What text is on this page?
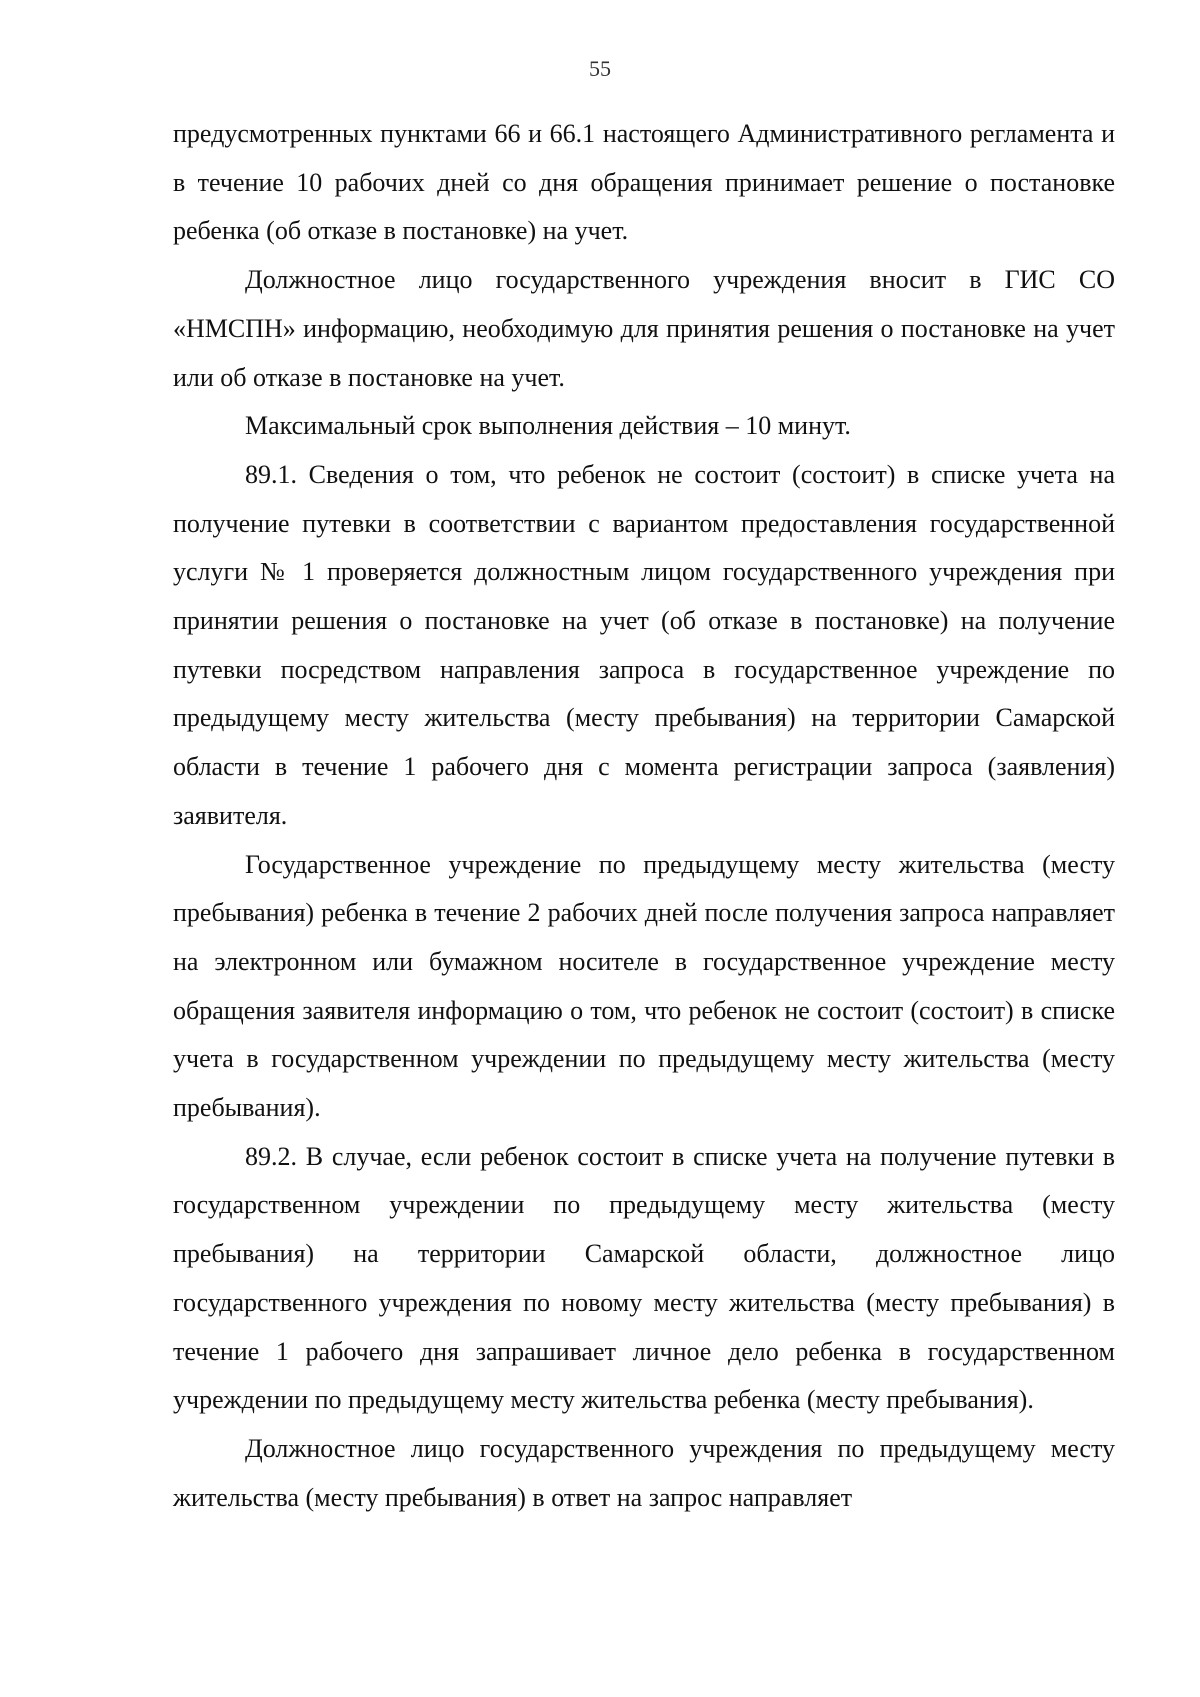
55

предусмотренных пунктами 66 и 66.1 настоящего Административного регламента и в течение 10 рабочих дней со дня обращения принимает решение о постановке ребенка (об отказе в постановке) на учет.

Должностное лицо государственного учреждения вносит в ГИС СО «НМСПН» информацию, необходимую для принятия решения о постановке на учет или об отказе в постановке на учет.

Максимальный срок выполнения действия – 10 минут.

89.1. Сведения о том, что ребенок не состоит (состоит) в списке учета на получение путевки в соответствии с вариантом предоставления государственной услуги № 1 проверяется должностным лицом государственного учреждения при принятии решения о постановке на учет (об отказе в постановке) на получение путевки посредством направления запроса в государственное учреждение по предыдущему месту жительства (месту пребывания) на территории Самарской области в течение 1 рабочего дня с момента регистрации запроса (заявления) заявителя.

Государственное учреждение по предыдущему месту жительства (месту пребывания) ребенка в течение 2 рабочих дней после получения запроса направляет на электронном или бумажном носителе в государственное учреждение месту обращения заявителя информацию о том, что ребенок не состоит (состоит) в списке учета в государственном учреждении по предыдущему месту жительства (месту пребывания).

89.2. В случае, если ребенок состоит в списке учета на получение путевки в государственном учреждении по предыдущему месту жительства (месту пребывания) на территории Самарской области, должностное лицо государственного учреждения по новому месту жительства (месту пребывания) в течение 1 рабочего дня запрашивает личное дело ребенка в государственном учреждении по предыдущему месту жительства ребенка (месту пребывания).

Должностное лицо государственного учреждения по предыдущему месту жительства (месту пребывания) в ответ на запрос направляет
